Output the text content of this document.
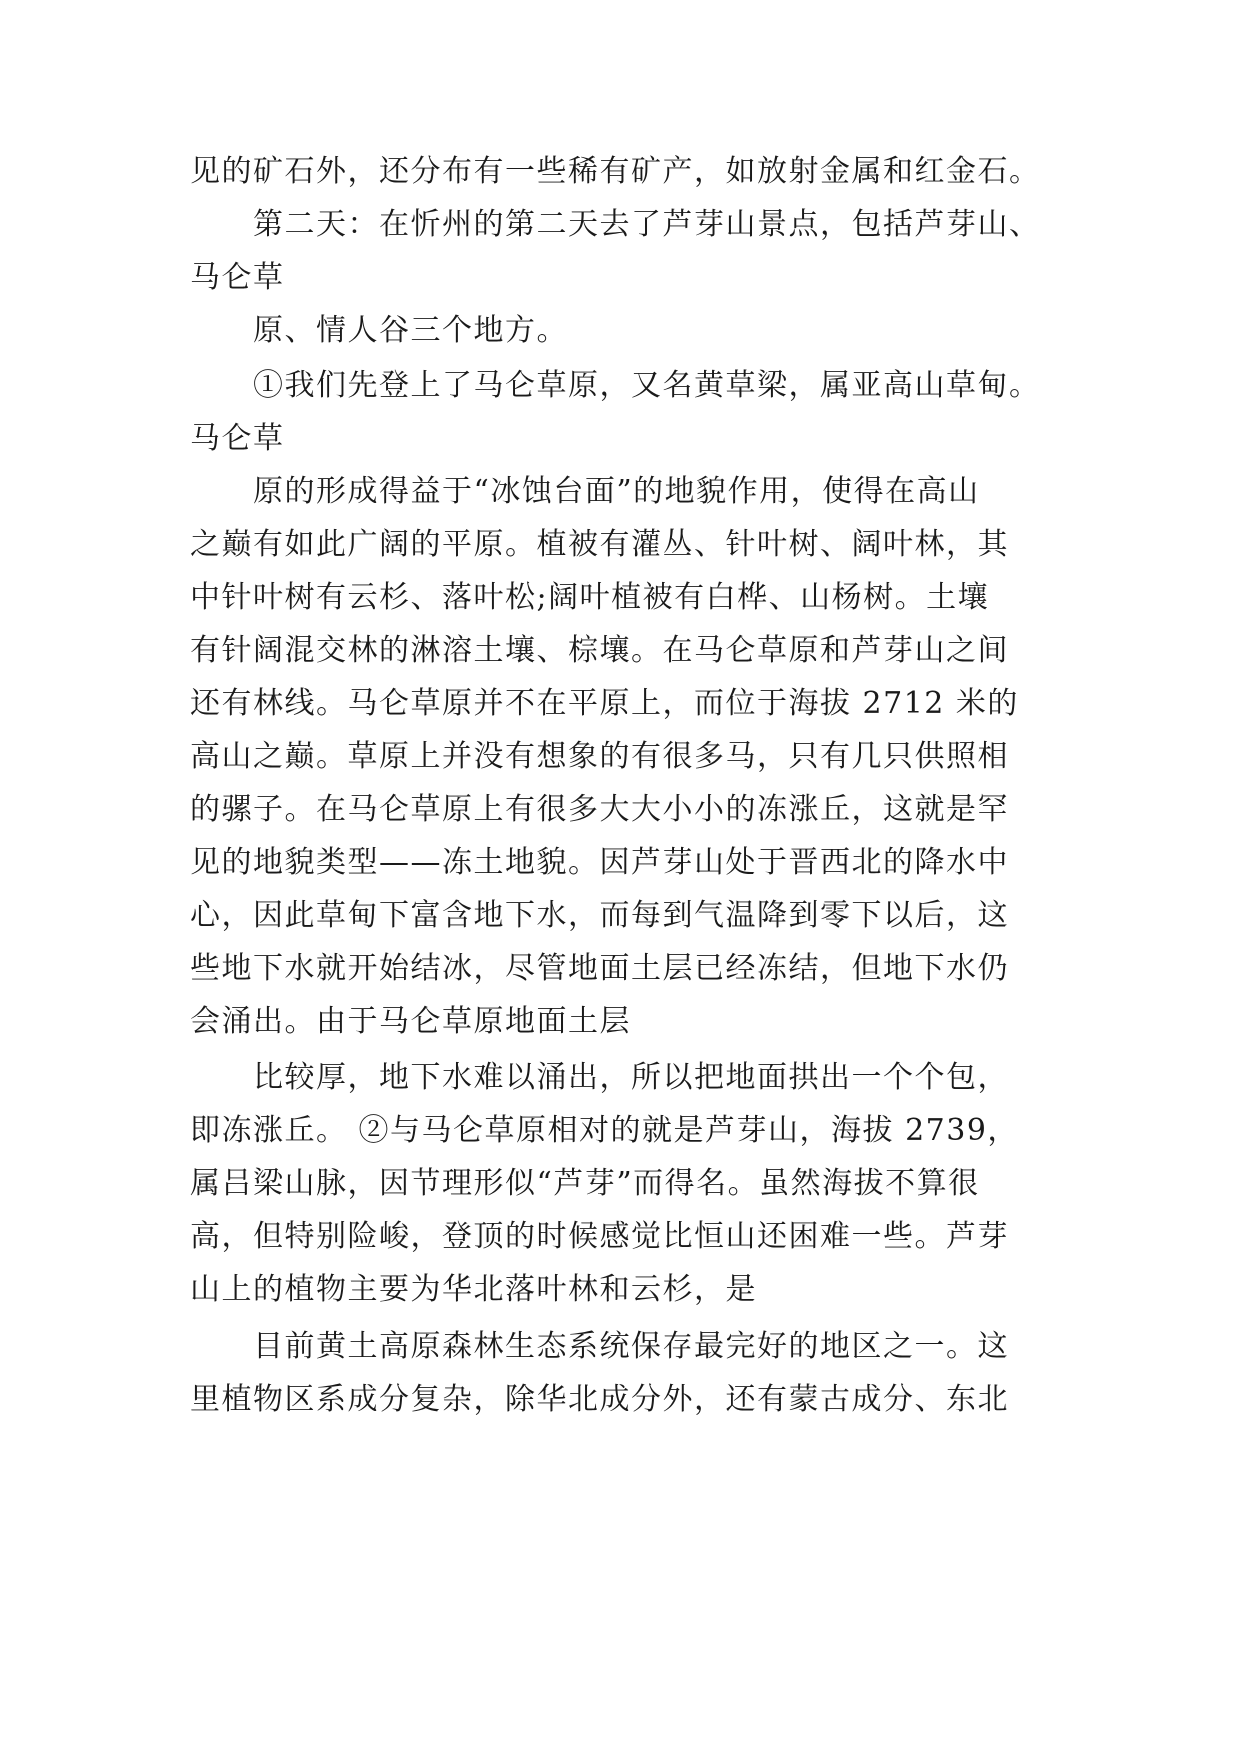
见的矿石外，还分布有一些稀有矿产，如放射金属和红金石。
第二天：在忻州的第二天去了芦芽山景点，包括芦芽山、
马仑草
原、情人谷三个地方。
①我们先登上了马仑草原，又名黄草梁，属亚高山草甸。
马仑草
原的形成得益于“冰蚀台面”的地貌作用，使得在高山
之巅有如此广阔的平原。植被有灌丛、针叶树、阔叶林，其
中针叶树有云杉、落叶松;阔叶植被有白桦、山杨树。土壤
有针阔混交林的淋溶土壤、棕壤。在马仑草原和芦芽山之间
还有林线。马仑草原并不在平原上，而位于海拔 2712 米的
高山之巅。草原上并没有想象的有很多马，只有几只供照相
的骡子。在马仑草原上有很多大大小小的冻涨丘，这就是罕
见的地貌类型——冻土地貌。因芦芽山处于晋西北的降水中
心，因此草甸下富含地下水，而每到气温降到零下以后，这
些地下水就开始结冰，尽管地面土层已经冻结，但地下水仍
会涌出。由于马仑草原地面土层
比较厚，地下水难以涌出，所以把地面拱出一个个包，
即冻涨丘。 ②与马仑草原相对的就是芦芽山，海拔 2739，
属吕梁山脉，因节理形似“芦芽”而得名。虽然海拔不算很
高，但特别险峻，登顶的时候感觉比恒山还困难一些。芦芽
山上的植物主要为华北落叶林和云杉，是
目前黄土高原森林生态系统保存最完好的地区之一。这
里植物区系成分复杂，除华北成分外，还有蒙古成分、东北
